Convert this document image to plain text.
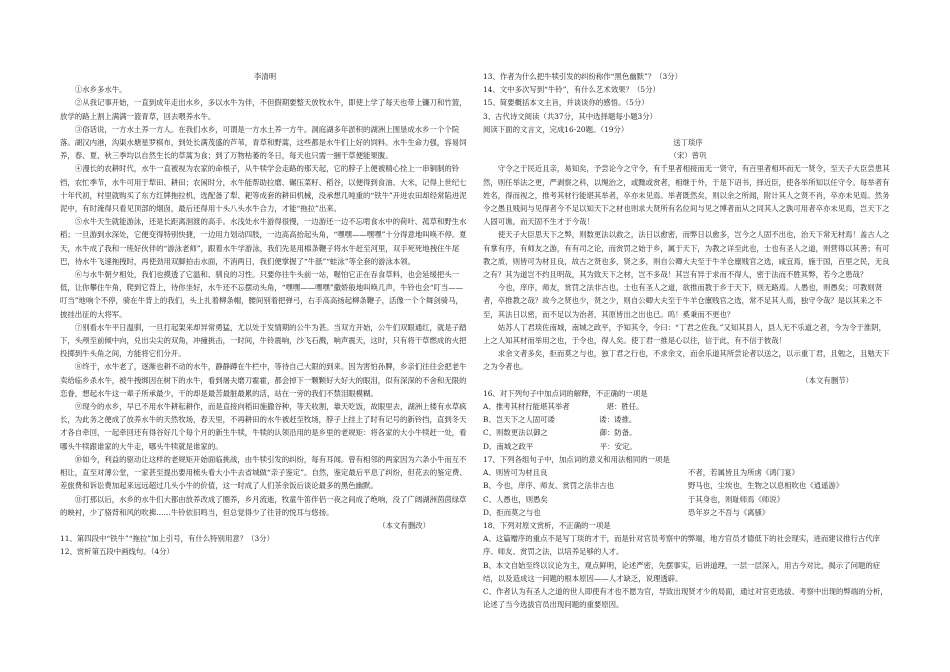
李清明

①水乡多水牛。

②从我记事开始，一直到成年走出水乡，多以水牛为伴，不但假期要整天放牧水牛，即使上学了每天也带上镰刀和竹篮，放学的路上割上满满一篮青草，回去喂养水牛。

③俗话说，一方水土养一方人。在我们水乡，可谓是一方水土养一方牛。洞庭湖多年淤积的湖洲上围垦成水乡一个个院落。湖汉内港，沟渠水塘星罗棋布，到处长满茂盛的芦苇，青草和野蒿，这些都是水牛们上好的饲料。水牛生命力强，容易饲养，春、夏、秋三季均以自然生长的草蒿为食；到了万物枯萎的冬日，每天也只需一捆干草便能果腹。

④漫长的农耕时代，水牛一直被视为农家的命根子，从牛犊学会走路的那天起，它的脖子上便被精心拴上一串铜制的铃铛，农忙季节，水牛可用于犁田、耕田；农闲时分，水牛能帮助拉磨、碾压菜籽、稻谷，以便得到食油、大米，记得上世纪七十年代初，村里就购买了东方红牌拖拉机，选配备了犁、耙等成套的耕田机械，没承想几吨重的“铁牛”开进农田却经常陷进泥泥中，有时淹得只看见顶部的烟囱，最后还得用十头八头水牛合力，才能“拖拉”出来。

⑤水牛天生就能游泳，还是长距离洄渡的高手。水浅处水牛游得很慢，一边游还一边不忘啃食水中的荷叶、菰草和野生水稻；一旦游到水深处，它便变得特别快捷，一边用力划动四肢，一边高高抬起头角，“嘿嘿——嘿嘿”十分得意地叫唤不停。夏天，水牛成了我和一班好伙伴的“游泳老师”，跟着水牛学游泳，我们先是用棉条鞭子将水牛赶至河里，双手死死地拽住牛尾巴，待水牛飞速拖拽时，再使劲用双脚拍击水面，不消两日，我们便掌握了“牛舐”“蛙泳”等全套的游泳本领。

⑥与水牛朝夕相处，我们也摸透了它温和、驯良的习性。只要你往牛头前一站，喔怕它正在吞食草料，也会延缓把头一低，让你攀住牛角，爬到它背上，待你坐好，水牛还不忘摆动头角，“嘿嘿——嘿嘿”撒娇般地叫唤几声，牛铃也会“叮当——叮当”地响个不停，骑在牛背上的我们，头上扎着柳条帽，腰间别着把弹弓，右手高高扬起柳条鞭子，活像一个个舞剑骑马，披挂出征的大将军。

⑦别看水牛平日温驯，一旦打起架来却异常勇猛，尤以处于发情期的公牛为甚。当双方开始，公牛们双眼通红，就是子踏下，头颅至前倾中向，兑出尖尖的双角，冲撞挑击，一时间，牛铃震响，沙飞石溅，响声震天，这时，只有将干草燃成的火把投掷到牛头角之间，方能将它们分开。

⑧终于，水牛老了，逐渐也耕不动的水牛，静静蹲在牛栏中，等待自己大限的到来。因为害怕孙脾，乡亲们往往会把老牛卖给临乡杀水牛，被牛拽绑因在树下的水牛，看到屠夫磨刀霍霍，都会掉下一颗颗好大好大的眼泪，似有深深的不舍和无限的恋眷，想起水牛这一辈子所承最少，干的却是最苦最脏最累的活，站在一旁的我们不禁泪眼模糊。

⑨现今的水乡，早已不用水牛耕耘耕作，而是直接向稻田施撒谷种，等天收割，靠天吃饭，故眼里去，湖洲上楼有水草疯长，为此务之便成了放养水牛的天然牧场，春天里，不再耕田的水牛被赶至牧场，脖子上挂上了时有记号的新铃挡，直到冬天才各自牵回，一起牵回还有得谷好几个每个月的新生牛犊，牛犊的认领沿用的是乡里的老规矩：将各家的大小牛犊赶一处，看哪头牛犊跟谁家的大牛走，哪头牛犊就是谁家的。

⑩如今，利益的驱动让这样的老规矩开始面临挑战，由牛犊引发的纠纷，每有耳闻。曾有相邻的两家因为六条小牛而互不相让，直至对薄公堂，一家甚至提出要用梳头看大小牛去省城做“亲子鉴定”。自然，鉴定最后平息了纠纷，但花去的鉴定费、差旅费和诉讼费加起来远远超过几头小牛的价值，这一时成了人们茶余饭后谈论最多的黑色幽默。

⑪打那以后，水乡的水牛们大都由放养改成了圈养，乡月流逝，牧童牛笛伴侣一夜之间成了绝响，没了广阔湖洲茵茵绿草的映衬，少了骆背和风的吹拂……牛铃依旧鸣当，但总觉得少了往昔的悦耳与悠扬。

（本文有删改）

11、第四段中“铁牛”“拖拉”加上引号，有什么特别用意？（3分）

12、赏析第五段中画线句。（4分）

13、作者为什么把牛犊引发的纠纷称作“黑色幽默”？（3分）

14、文中多次写到“牛铃”，有什么艺术效果？（5分）

15、简要概括本文主旨，并谈谈你的感悟。（5分）

3、古代诗文阅读（共37分，其中选择题每小题3分）

阅读下面的文言文，完成16-20题。（19分）

送丁琰序

（宋）曾巩

守令之于民近且亲，易知矣，予尝论今之守令，有千里者相接而无一贤守，有百里者相环而无一贤令，至天子大臣尝患其然，则任举法之更，严剥察之科，以绳治之，或黜或赏者，相继于外，于是下诏书，择近臣，使各举所知以任守令。每举者有姓名，得而视之，推考其材行能堪其举者，卒亦未见焉。举者既然矣，则以余之所闻，附计其人之贤不肖，卒亦未见焉。然务令之愚且贱间与见得者今不足以知天下之材也则求大贤所有名位间与见之博者而从之同其人之孰可用者卒亦未见焉，岂天下之人固可谯，而天固不生才于今哉！

使天子大臣思天下之弊，则数更法以救之，法日以愈密，而弊日以愈多，岂今之人固不出也，治天下常无材焉！盖古人之有掌有序，有师友之游，有有司之论，而赏罚之始于乡，属于天下，为教之详至此也，士也有圣人之道，则营得以其善；有可教之质，则皆可为材且良，故古之贤也多，贤之多，则自公卿大夫至于牛羊仓廪贱官之选，咸宜焉，施于国，百里之民，无良之有？其为道岂不约且明哉，其为致天下之材，岂不多哉！其岂有异于求而不得人，密于法而不胜其弊，若今之患哉？

今也，庠序，师友，赏罚之法非古也，士也有圣人之道，欲推而教于乡于天下，则无路焉。人愚也，则愚矣；可教则贤者，卒推教之哉？故今之贤也少，贤之少，则自公卿大夫至于牛羊仓廪贱官之选，常不足其人焉，独守令哉？是以其来之不至，其法日以密，而不足以为治者，其原皆出之出也已。呜！奚秉而不更也？

姑苏人丁君琰佐南城，南城之政平，予知其令，令曰：“丁君之佐我。”又知其县人，县人无不乐道之者，今为令于淮阴，上之人知其材而举用之也，于令也，得人矣。使丁君一推是心以往，信于此，有不信于彼哉！

求余文者多矣，拒而莫之与也，独丁君之行也，不求余文，而余乐道其所尝论者以送之，以示重丁君，且勉之，且勉天下之为令者也。

（本文有删节）

16、对下列句子中加点词的解释，不正确的一项是

A、推考其材行能堪其举者　　　　　堪：胜任。

B、岂天下之人固可诿　　　　　　诿：诿推。

C、则数更法以御之　　　　　　　御：防备。

D、南城之政平　　　　　　　　　平：安定。

17、下列各组句子中，加点词的意义和用法相同的一项是

A、则皆可为材且良	不者，若属皆且为所虏《鸿门宴》
B、今也，庠序、师友、赏罚之法非古也	野马也，尘埃也，生物之以息相吹也《逍遥游》
C、人愚也，则愚矣	于其身也，则耻师焉《师说》
D、拒而莫之与也	恐年岁之不吾与《离骚》

18、下列对原文赏析，不正确的一项是

A、这篇赠序的重点不是写丁琰的才干，而是针对官员考察中的弊端，地方官员才德低下的社会现实，进而建议推行古代庠序、师友、赏罚之法，以培养足够的人才。

B、本文自始至终以议论为主，观点鲜明，论述严密，先摆事实，后讲道理，一层一层深入，用古今对比，揭示了问题的症结，以及造成这一问题的根本原因——人才缺乏，说理透辟。

C、作者认为有圣人之道的世人即使有才也不愿为官，导致出现贤才少的局面，通过对官吏选拔、考察中出现的弊端的分析，论述了当今选拔官员出现问题的重要原因。
